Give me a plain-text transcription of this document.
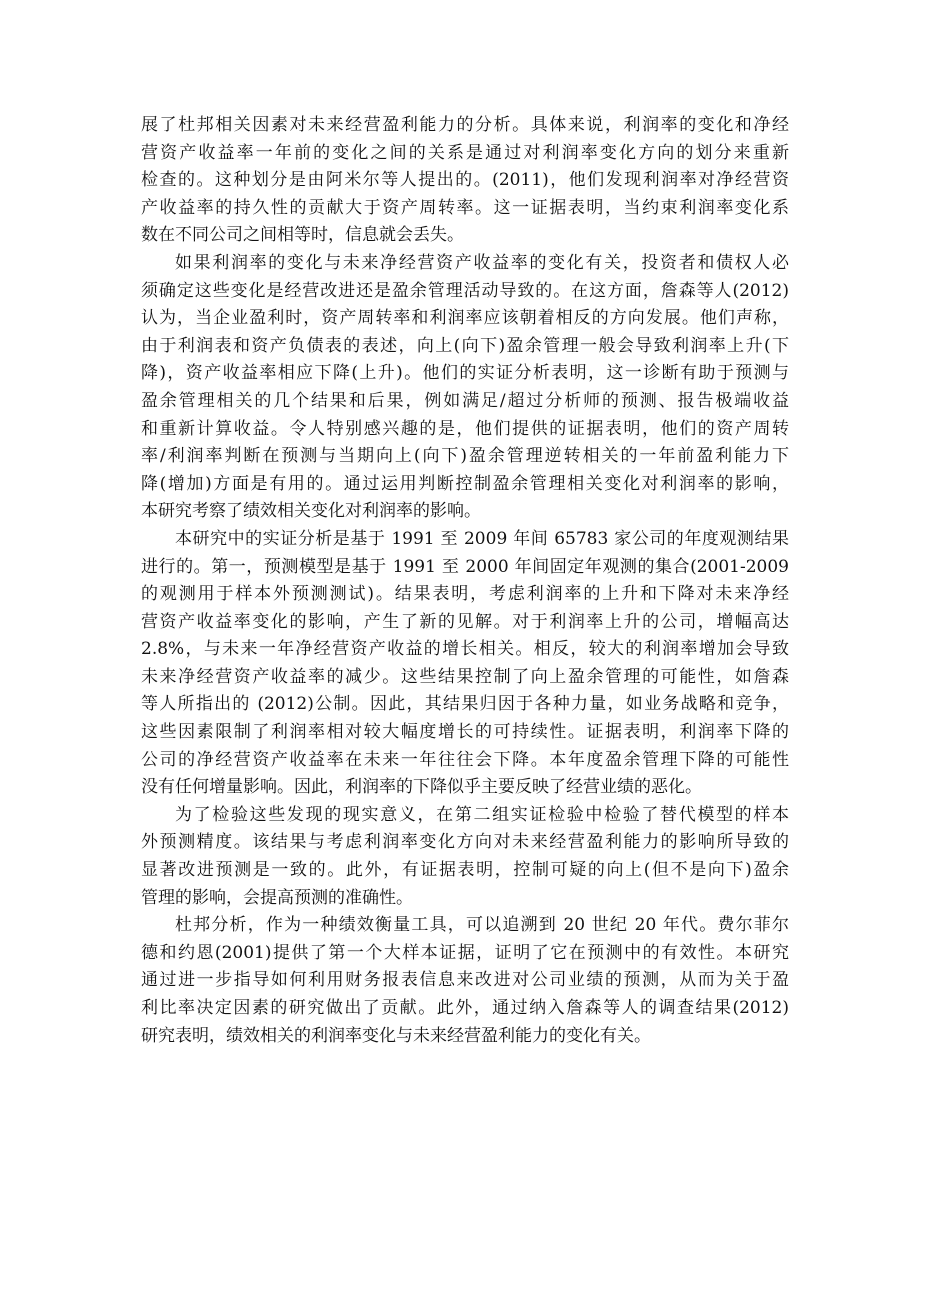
展了杜邦相关因素对未来经营盈利能力的分析。具体来说，利润率的变化和净经
营资产收益率一年前的变化之间的关系是通过对利润率变化方向的划分来重新
检查的。这种划分是由阿米尔等人提出的。(2011)，他们发现利润率对净经营资
产收益率的持久性的贡献大于资产周转率。这一证据表明，当约束利润率变化系
数在不同公司之间相等时，信息就会丢失。
如果利润率的变化与未来净经营资产收益率的变化有关，投资者和债权人必
须确定这些变化是经营改进还是盈余管理活动导致的。在这方面，詹森等人(2012)
认为，当企业盈利时，资产周转率和利润率应该朝着相反的方向发展。他们声称，
由于利润表和资产负债表的表述，向上(向下)盈余管理一般会导致利润率上升(下
降)，资产收益率相应下降(上升)。他们的实证分析表明，这一诊断有助于预测与
盈余管理相关的几个结果和后果，例如满足/超过分析师的预测、报告极端收益
和重新计算收益。令人特别感兴趣的是，他们提供的证据表明，他们的资产周转
率/利润率判断在预测与当期向上(向下)盈余管理逆转相关的一年前盈利能力下
降(增加)方面是有用的。通过运用判断控制盈余管理相关变化对利润率的影响，
本研究考察了绩效相关变化对利润率的影响。
本研究中的实证分析是基于 1991 至 2009 年间 65783 家公司的年度观测结果
进行的。第一，预测模型是基于 1991 至 2000 年间固定年观测的集合(2001-2009
的观测用于样本外预测测试)。结果表明，考虑利润率的上升和下降对未来净经
营资产收益率变化的影响，产生了新的见解。对于利润率上升的公司，增幅高达
2.8%，与未来一年净经营资产收益的增长相关。相反，较大的利润率增加会导致
未来净经营资产收益率的减少。这些结果控制了向上盈余管理的可能性，如詹森
等人所指出的 (2012)公制。因此，其结果归因于各种力量，如业务战略和竞争，
这些因素限制了利润率相对较大幅度增长的可持续性。证据表明，利润率下降的
公司的净经营资产收益率在未来一年往往会下降。本年度盈余管理下降的可能性
没有任何增量影响。因此，利润率的下降似乎主要反映了经营业绩的恶化。
为了检验这些发现的现实意义，在第二组实证检验中检验了替代模型的样本
外预测精度。该结果与考虑利润率变化方向对未来经营盈利能力的影响所导致的
显著改进预测是一致的。此外，有证据表明，控制可疑的向上(但不是向下)盈余
管理的影响，会提高预测的准确性。
杜邦分析，作为一种绩效衡量工具，可以追溯到 20 世纪 20 年代。费尔菲尔
德和约恩(2001)提供了第一个大样本证据，证明了它在预测中的有效性。本研究
通过进一步指导如何利用财务报表信息来改进对公司业绩的预测，从而为关于盈
利比率决定因素的研究做出了贡献。此外，通过纳入詹森等人的调查结果(2012)
研究表明，绩效相关的利润率变化与未来经营盈利能力的变化有关。
